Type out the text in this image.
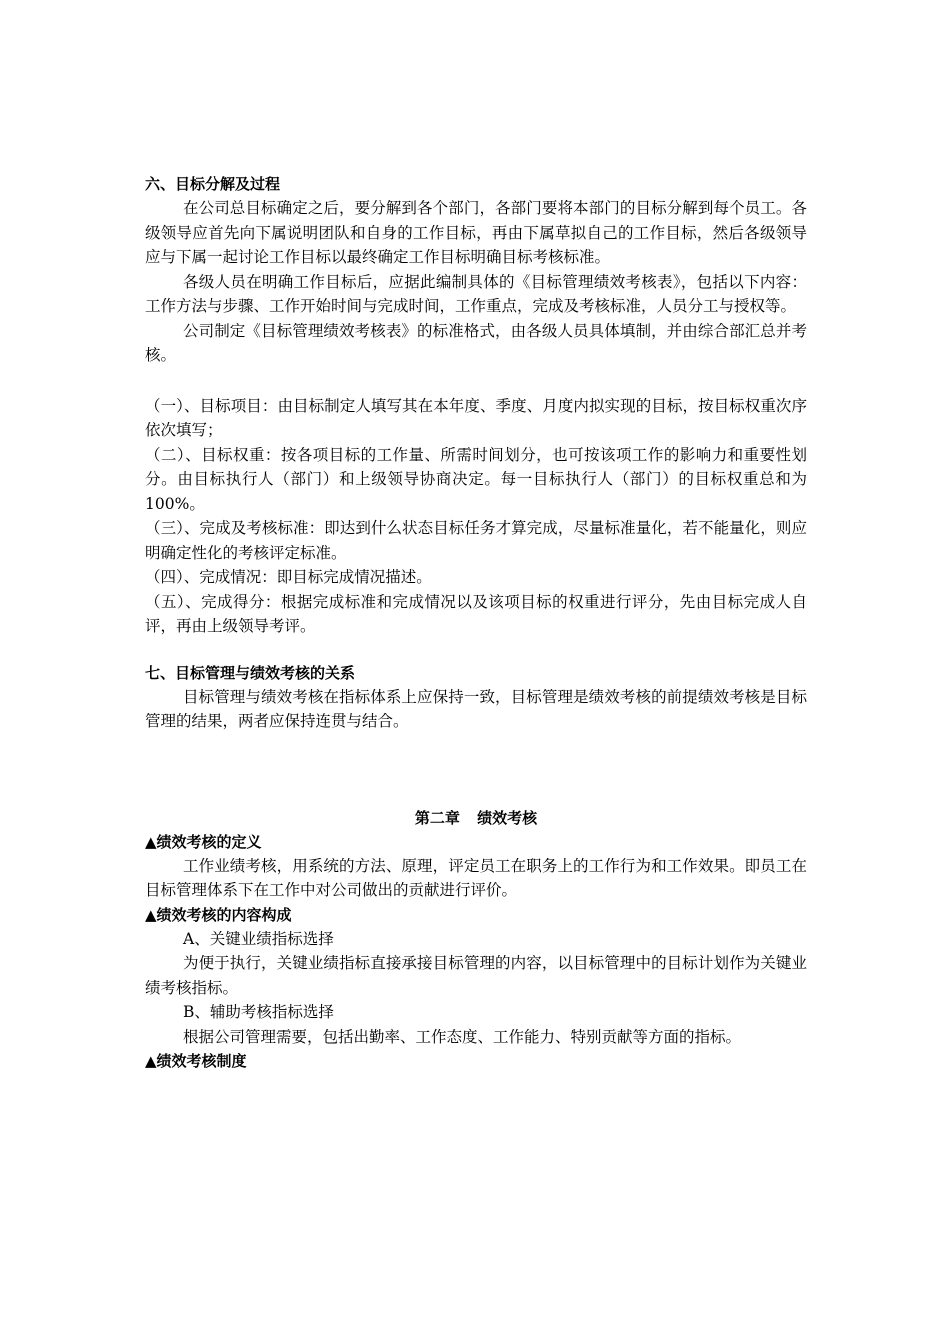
六、目标分解及过程
在公司总目标确定之后，要分解到各个部门，各部门要将本部门的目标分解到每个员工。各级领导应首先向下属说明团队和自身的工作目标，再由下属草拟自己的工作目标，然后各级领导应与下属一起讨论工作目标以最终确定工作目标明确目标考核标准。
各级人员在明确工作目标后，应据此编制具体的《目标管理绩效考核表》，包括以下内容：工作方法与步骤、工作开始时间与完成时间，工作重点，完成及考核标准，人员分工与授权等。
公司制定《目标管理绩效考核表》的标准格式，由各级人员具体填制，并由综合部汇总并考核。
（一）、目标项目：由目标制定人填写其在本年度、季度、月度内拟实现的目标，按目标权重次序依次填写；
（二）、目标权重：按各项目标的工作量、所需时间划分，也可按该项工作的影响力和重要性划分。由目标执行人（部门）和上级领导协商决定。每一目标执行人（部门）的目标权重总和为100%。
（三）、完成及考核标准：即达到什么状态目标任务才算完成，尽量标准量化，若不能量化，则应明确定性化的考核评定标准。
（四）、完成情况：即目标完成情况描述。
（五）、完成得分：根据完成标准和完成情况以及该项目标的权重进行评分，先由目标完成人自评，再由上级领导考评。
七、目标管理与绩效考核的关系
目标管理与绩效考核在指标体系上应保持一致，目标管理是绩效考核的前提绩效考核是目标管理的结果，两者应保持连贯与结合。
第二章 绩效考核
▲绩效考核的定义
工作业绩考核，用系统的方法、原理，评定员工在职务上的工作行为和工作效果。即员工在目标管理体系下在工作中对公司做出的贡献进行评价。
▲绩效考核的内容构成
A、关键业绩指标选择
为便于执行，关键业绩指标直接承接目标管理的内容，以目标管理中的目标计划作为关键业绩考核指标。
B、辅助考核指标选择
根据公司管理需要，包括出勤率、工作态度、工作能力、特别贡献等方面的指标。
▲绩效考核制度
